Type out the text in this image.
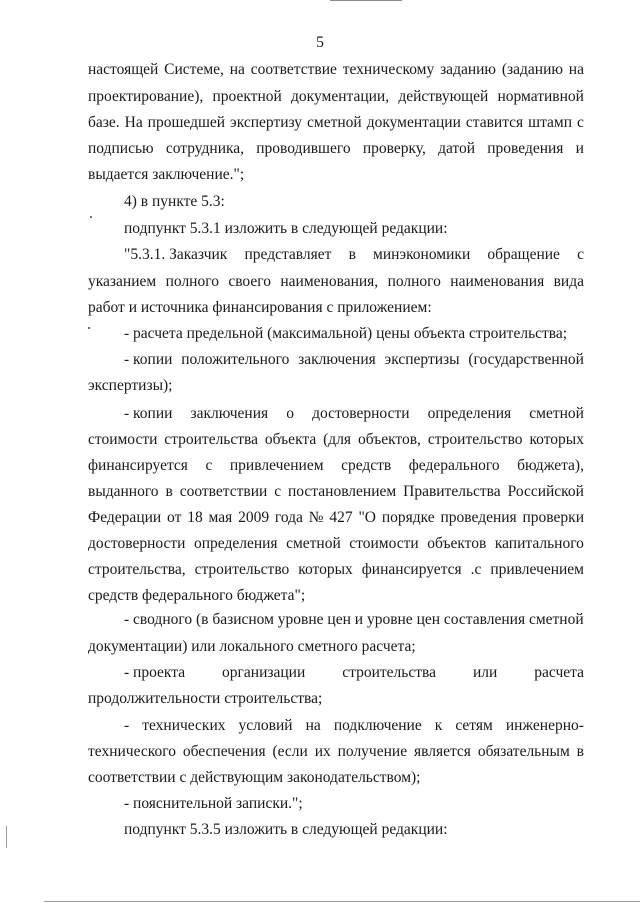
5
настоящей Системе, на соответствие техническому заданию (заданию на
проектирование), проектной документации, действующей нормативной
базе. На прошедшей экспертизу сметной документации ставится штамп с
подписью сотрудника, проводившего проверку, датой проведения и
выдается заключение.";
4) в пункте 5.3:
подпункт 5.3.1 изложить в следующей редакции:
"5.3.1. Заказчик представляет в минэкономики обращение с
указанием полного своего наименования, полного наименования вида
работ и источника финансирования с приложением:
- расчета предельной (максимальной) цены объекта строительства;
- копии положительного заключения экспертизы (государственной
экспертизы);
- копии заключения о достоверности определения сметной
стоимости строительства объекта (для объектов, строительство которых
финансируется с привлечением средств федерального бюджета),
выданного в соответствии с постановлением Правительства Российской
Федерации от 18 мая 2009 года № 427 "О порядке проведения проверки
достоверности определения сметной стоимости объектов капитального
строительства, строительство которых финансируется .с привлечением
средств федерального бюджета";
- сводного (в базисном уровне цен и уровне цен составления сметной
документации) или локального сметного расчета;
- проекта организации строительства или расчета
продолжительности строительства;
- технических условий на подключение к сетям инженерно-
технического обеспечения (если их получение является обязательным в
соответствии с действующим законодательством);
- пояснительной записки.";
подпункт 5.3.5 изложить в следующей редакции:
